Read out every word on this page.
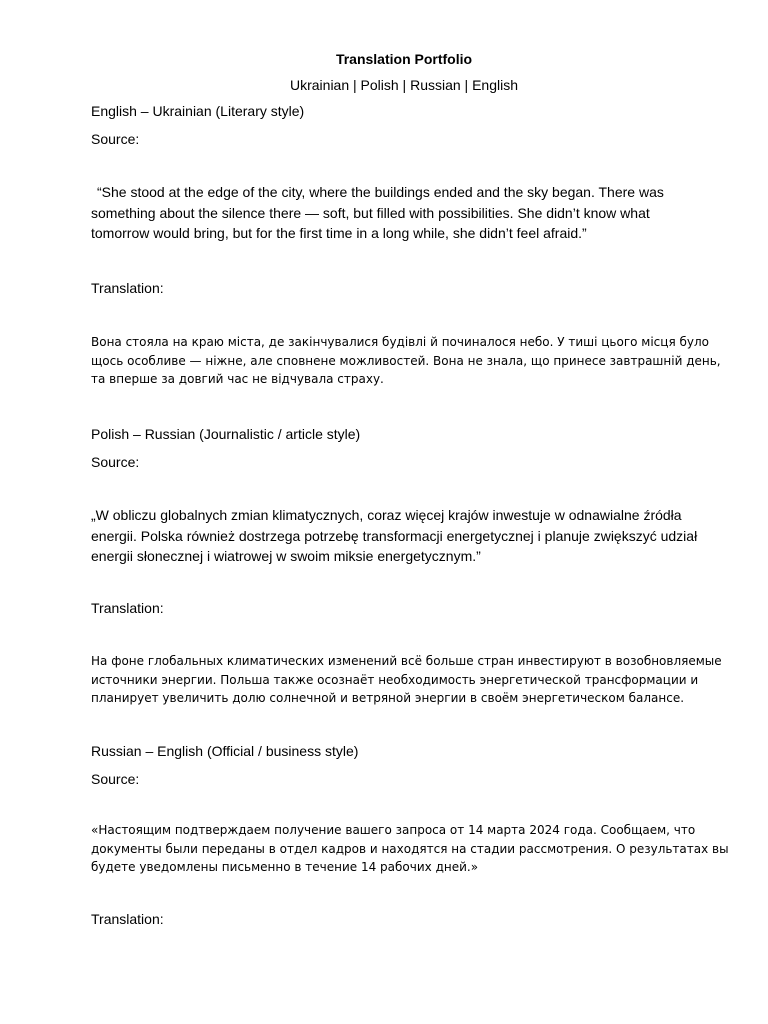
Translation Portfolio
Ukrainian | Polish | Russian | English
English – Ukrainian (Literary style)
Source:
“She stood at the edge of the city, where the buildings ended and the sky began. There was
something about the silence there — soft, but filled with possibilities. She didn’t know what
tomorrow would bring, but for the first time in a long while, she didn’t feel afraid.”
Translation:
Вона стояла на краю міста, де закінчувалися будівлі й починалося небо. У тиші цього місця було
щось особливе — ніжне, але сповнене можливостей. Вона не знала, що принесе завтрашній день,
та вперше за довгий час не відчувала страху.
Polish – Russian (Journalistic / article style)
Source:
„W obliczu globalnych zmian klimatycznych, coraz więcej krajów inwestuje w odnawialne źródła
energii. Polska również dostrzega potrzebę transformacji energetycznej i planuje zwiększyć udział
energii słonecznej i wiatrowej w swoim miksie energetycznym.”
Translation:
На фоне глобальных климатических изменений всё больше стран инвестируют в возобновляемые
источники энергии. Польша также осознаёт необходимость энергетической трансформации и
планирует увеличить долю солнечной и ветряной энергии в своём энергетическом балансе.
Russian – English (Official / business style)
Source:
«Настоящим подтверждаем получение вашего запроса от 14 марта 2024 года. Сообщаем, что
документы были переданы в отдел кадров и находятся на стадии рассмотрения. О результатах вы
будете уведомлены письменно в течение 14 рабочих дней.»
Translation:
